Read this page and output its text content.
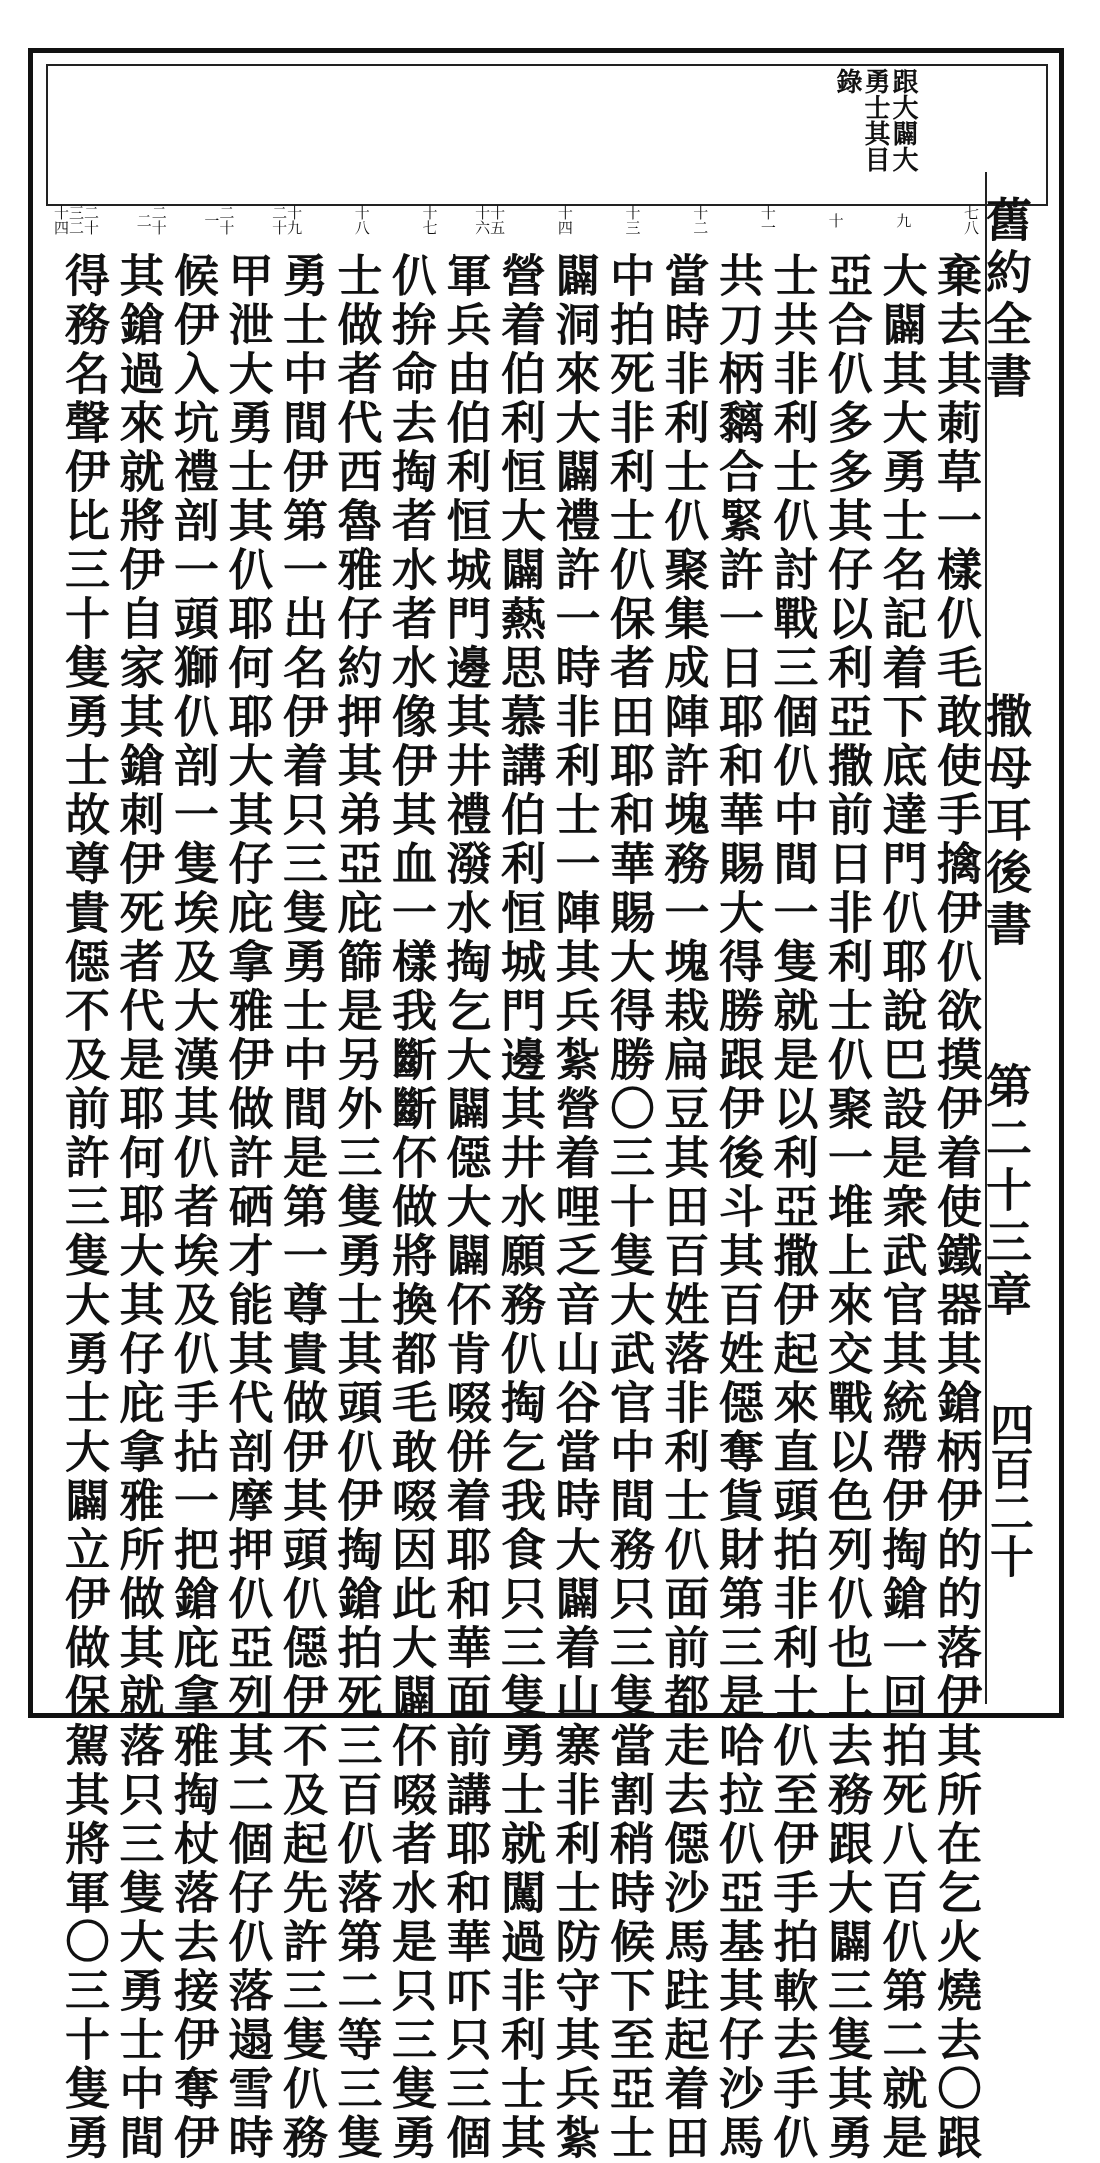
跟大闢大
勇士其目
錄
舊約全書
撒母耳後書
第二十三章
四百二十
七八
九
十
十一
十二
十三
十四
十五十六
十七
十八
十九二十
二十一
二十二
二十三二十四
棄去其莿草一樣仈毛敢使手擒伊仈欲摸伊着使鐵器其鎗柄伊的的落伊其所在乞火燒去〇跟
大闢其大勇士名記着下底達門仈耶說巴設是衆武官其統帶伊掏鎗一回拍死八百仈第二就是
亞合仈多多其仔以利亞撒前日非利士仈聚一堆上來交戰以色列仈也上去務跟大闢三隻其勇
士共非利士仈討戰三個仈中間一隻就是以利亞撒伊起來直頭拍非利士仈至伊手拍軟去手仈
共刀柄黐合緊許一日耶和華賜大得勝跟伊後斗其百姓僫奪貨財第三是哈拉仈亞基其仔沙馬
當時非利士仈聚集成陣許塊務一塊栽扁豆其田百姓落非利士仈面前都走去僫沙馬跓起着田
中拍死非利士仈保者田耶和華賜大得勝〇三十隻大武官中間務只三隻當割稍時候下至亞士
闢洞來大闢禮許一時非利士一陣其兵紮營着哩乏音山谷當時大闢着山寨非利士防守其兵紮
營着伯利恒大闢爇思慕講伯利恒城門邊其井水願務仈掏乞我食只三隻勇士就闖過非利士其
軍兵由伯利恒城門邊其井禮潑水掏乞大闢僫大闢伓肯啜併着耶和華面前講耶和華吓只三個
仈拚命去掏者水者水像伊其血一樣我斷斷伓做將換都毛敢啜因此大闢伓啜者水是只三隻勇
士做者代西魯雅仔約押其弟亞庇篩是另外三隻勇士其頭仈伊掏鎗拍死三百仈落第二等三隻
勇士中間伊第一出名伊着只三隻勇士中間是第一尊貴做伊其頭仈僫伊不及起先許三隻仈務
甲泄大勇士其仈耶何耶大其仔庇拿雅伊做許硒才能其代剖摩押仈亞列其二個仔仈落遢雪時
候伊入坑禮剖一頭獅仈剖一隻埃及大漢其仈者埃及仈手拈一把鎗庇拿雅掏杖落去接伊奪伊
其鎗過來就將伊自家其鎗刺伊死者代是耶何耶大其仔庇拿雅所做其就落只三隻大勇士中間
得務名聲伊比三十隻勇士故尊貴僫不及前許三隻大勇士大闢立伊做保駕其將軍〇三十隻勇
